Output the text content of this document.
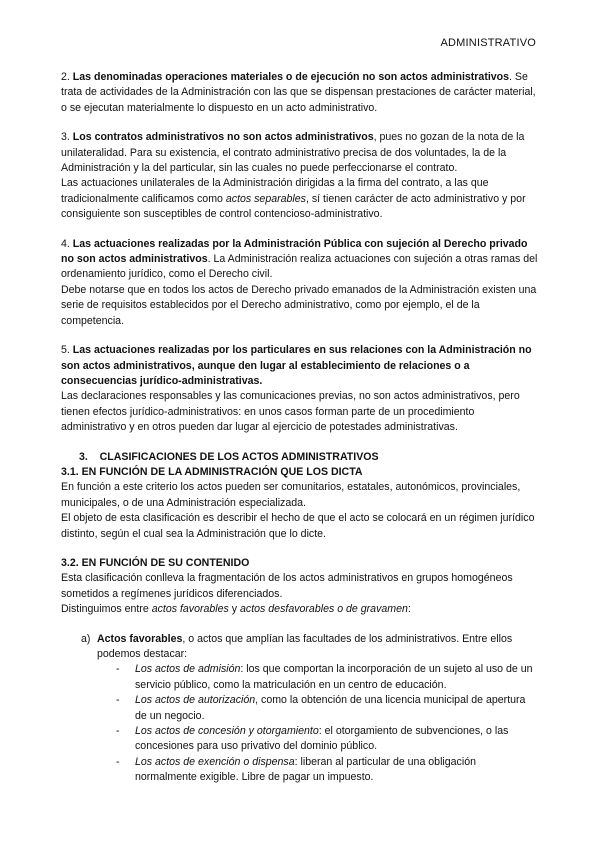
ADMINISTRATIVO

2. Las denominadas operaciones materiales o de ejecución no son actos administrativos. Se trata de actividades de la Administración con las que se dispensan prestaciones de carácter material, o se ejecutan materialmente lo dispuesto en un acto administrativo.

3. Los contratos administrativos no son actos administrativos, pues no gozan de la nota de la unilateralidad. Para su existencia, el contrato administrativo precisa de dos voluntades, la de la Administración y la del particular, sin las cuales no puede perfeccionarse el contrato.

Las actuaciones unilaterales de la Administración dirigidas a la firma del contrato, a las que tradicionalmente calificamos como actos separables, sí tienen carácter de acto administrativo y por consiguiente son susceptibles de control contencioso-administrativo.

4. Las actuaciones realizadas por la Administración Pública con sujeción al Derecho privado no son actos administrativos. La Administración realiza actuaciones con sujeción a otras ramas del ordenamiento jurídico, como el Derecho civil.

Debe notarse que en todos los actos de Derecho privado emanados de la Administración existen una serie de requisitos establecidos por el Derecho administrativo, como por ejemplo, el de la competencia.

5. Las actuaciones realizadas por los particulares en sus relaciones con la Administración no son actos administrativos, aunque den lugar al establecimiento de relaciones o a consecuencias jurídico-administrativas.

Las declaraciones responsables y las comunicaciones previas, no son actos administrativos, pero tienen efectos jurídico-administrativos: en unos casos forman parte de un procedimiento administrativo y en otros pueden dar lugar al ejercicio de potestades administrativas.

3.    CLASIFICACIONES DE LOS ACTOS ADMINISTRATIVOS

3.1. EN FUNCIÓN DE LA ADMINISTRACIÓN QUE LOS DICTA

En función a este criterio los actos pueden ser comunitarios, estatales, autonómicos, provinciales, municipales, o de una Administración especializada.

El objeto de esta clasificación es describir el hecho de que el acto se colocará en un régimen jurídico distinto, según el cual sea la Administración que lo dicte.

3.2. EN FUNCIÓN DE SU CONTENIDO

Esta clasificación conlleva la fragmentación de los actos administrativos en grupos homogéneos sometidos a regímenes jurídicos diferenciados.

Distinguimos entre actos favorables y actos desfavorables o de gravamen:

a) Actos favorables, o actos que amplían las facultades de los administrativos. Entre ellos podemos destacar:

- Los actos de admisión: los que comportan la incorporación de un sujeto al uso de un servicio público, como la matriculación en un centro de educación.
- Los actos de autorización, como la obtención de una licencia municipal de apertura de un negocio.
- Los actos de concesión y otorgamiento: el otorgamiento de subvenciones, o las concesiones para uso privativo del dominio público.
- Los actos de exención o dispensa: liberan al particular de una obligación normalmente exigible. Libre de pagar un impuesto.
